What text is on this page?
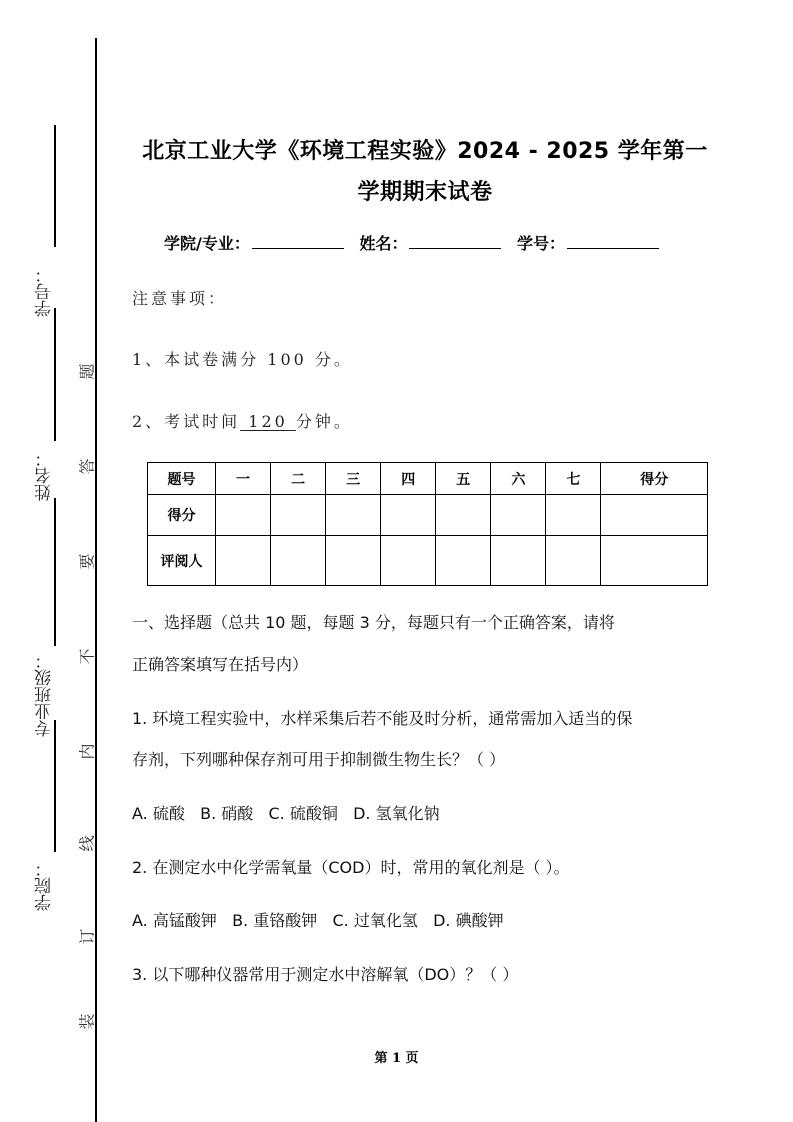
学号：
姓名：
专业班级：
学院：
题
答
要
不
内
线
订
装
北京工业大学《环境工程实验》2024 - 2025 学年第一
学期期末试卷
学院/专业：	姓名：	学号：
注意事项：
1、本试卷满分 100 分。
2、考试时间 120 分钟。
题号	一	二	三	四	五	六	七	得分
得分								
评阅人								
一、选择题（总共 10 题，每题 3 分，每题只有一个正确答案，请将
正确答案填写在括号内）
1. 环境工程实验中，水样采集后若不能及时分析，通常需加入适当的保
存剂，下列哪种保存剂可用于抑制微生物生长？（ ）
A. 硫酸   B. 硝酸   C. 硫酸铜   D. 氢氧化钠
2. 在测定水中化学需氧量（COD）时，常用的氧化剂是（ ）。
A. 高锰酸钾   B. 重铬酸钾   C. 过氧化氢   D. 碘酸钾
3. 以下哪种仪器常用于测定水中溶解氧（DO）？（ ）
第 1 页
